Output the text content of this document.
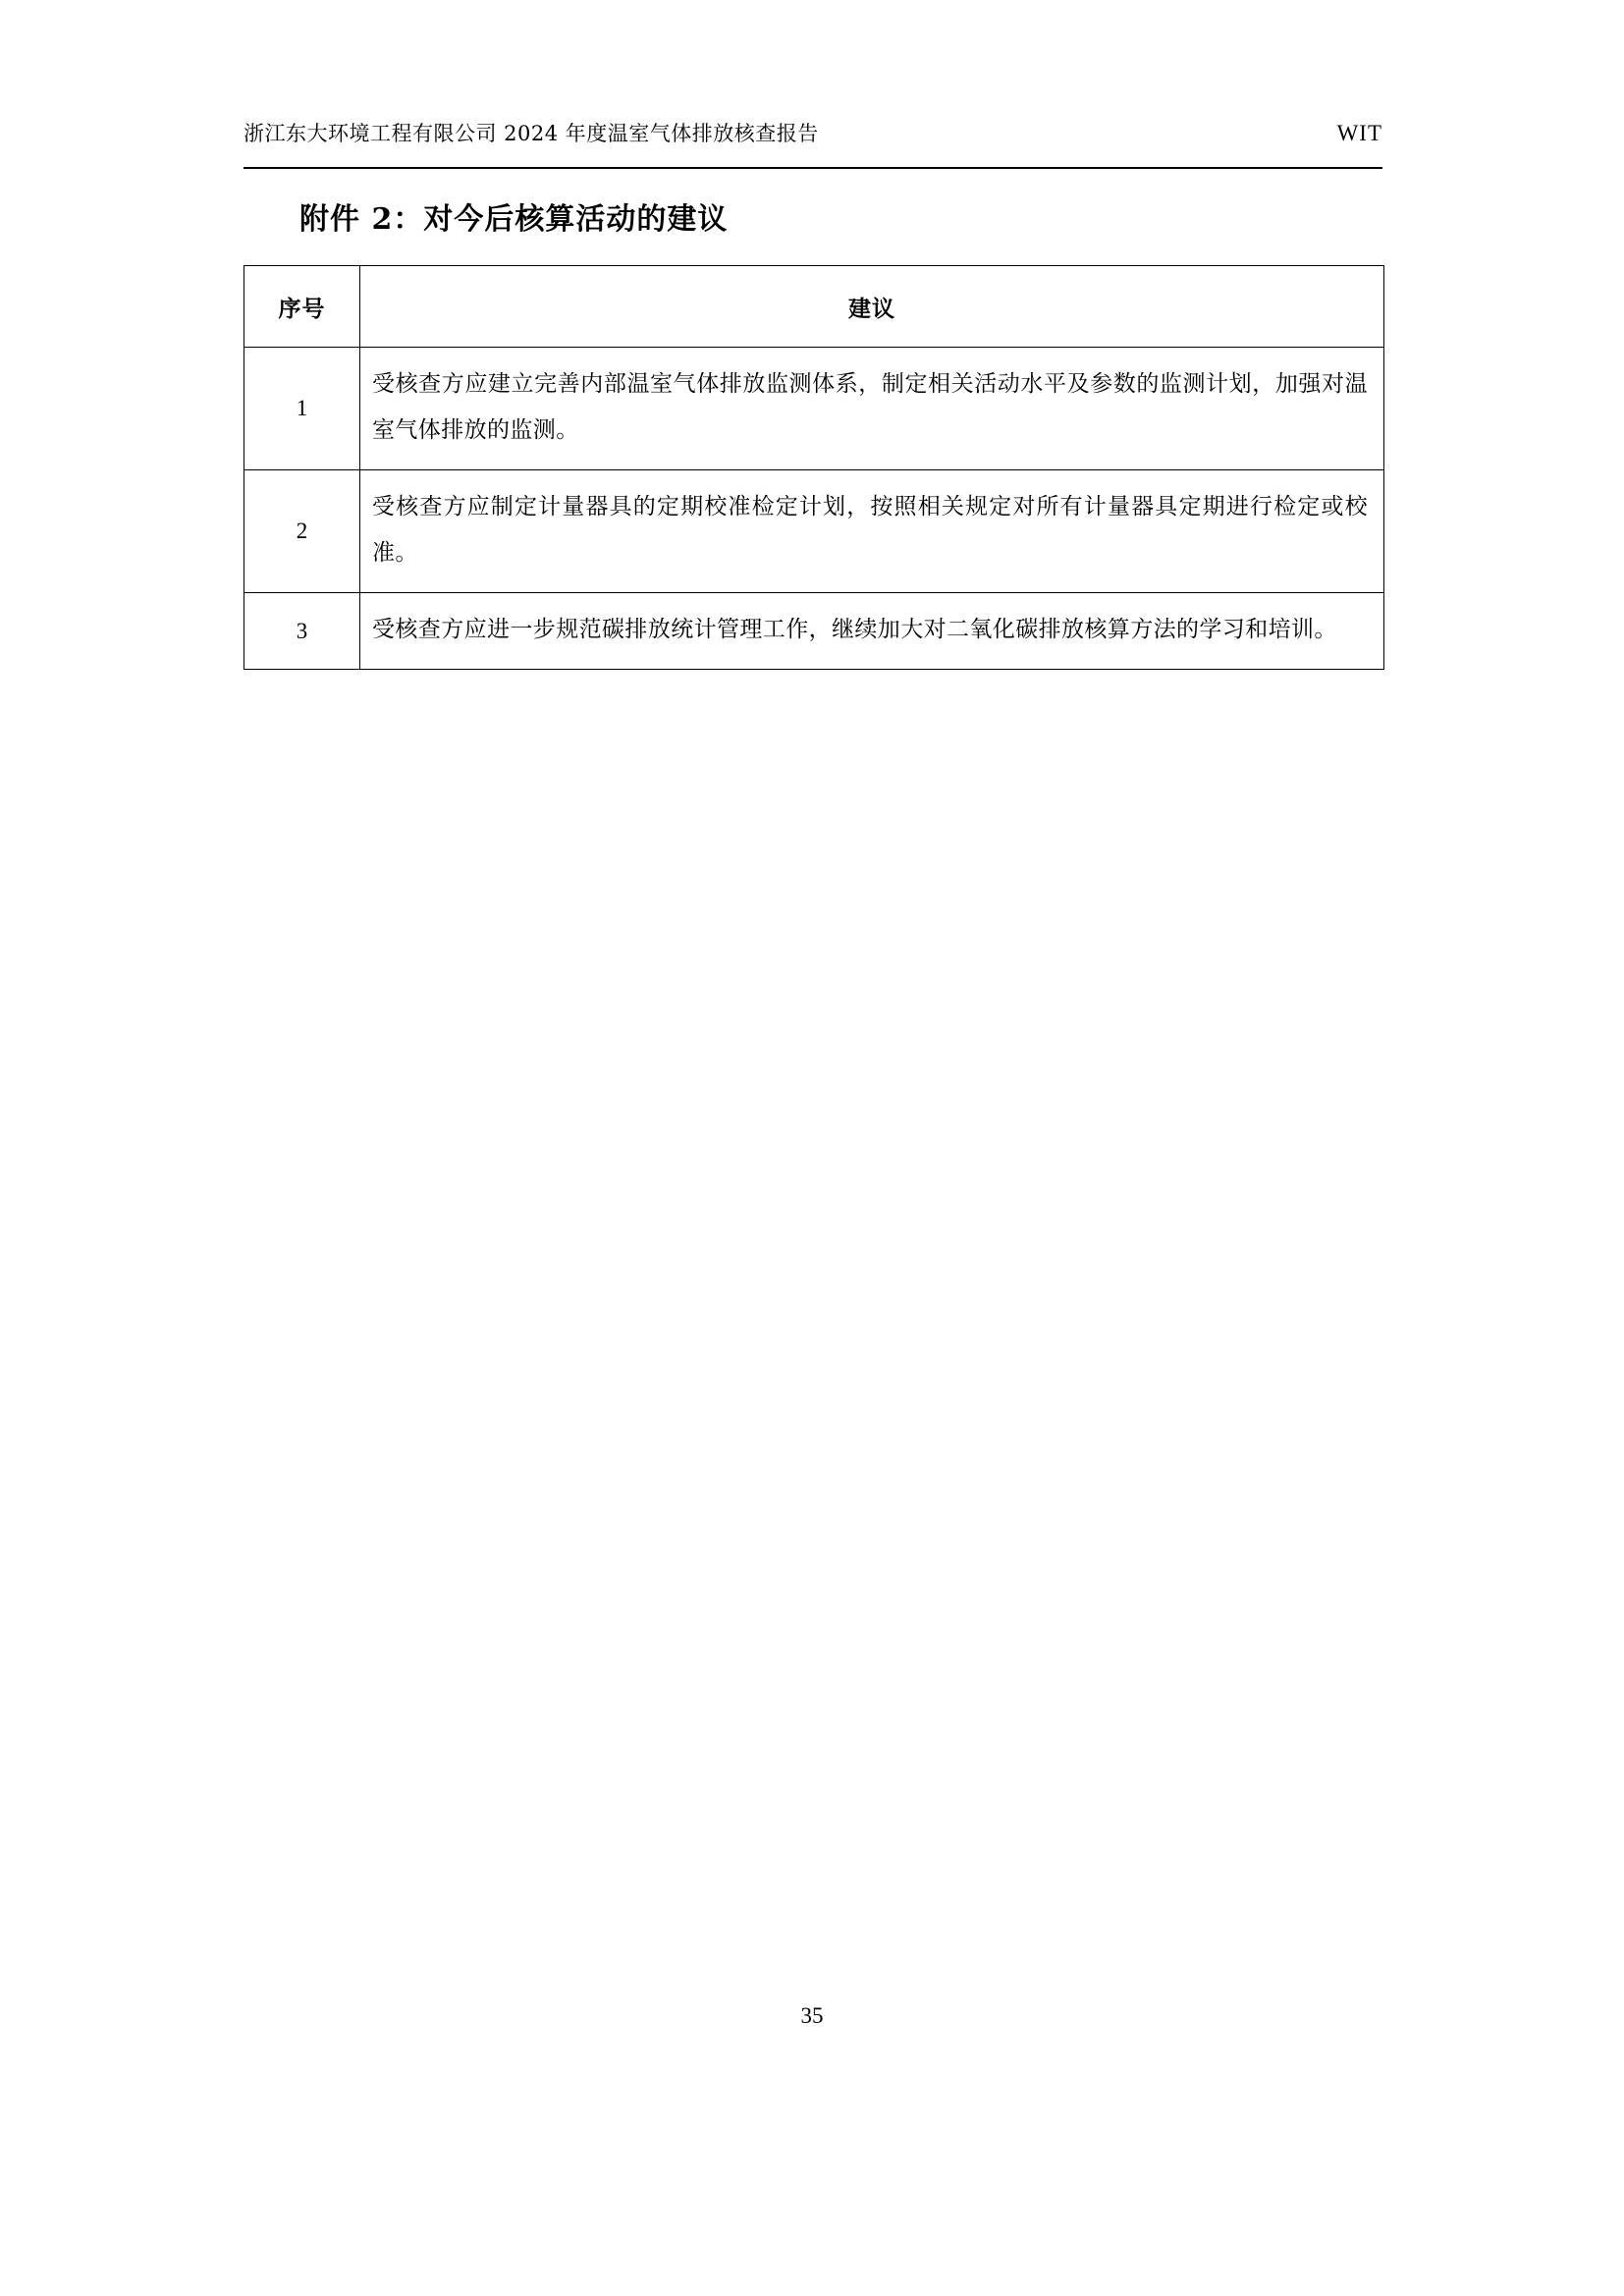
浙江东大环境工程有限公司 2024 年度温室气体排放核查报告	WIT
附件 2：对今后核算活动的建议
序号	建议
1	受核查方应建立完善内部温室气体排放监测体系，制定相关活动水平及参数的监测计划，加强对温室气体排放的监测。
2	受核查方应制定计量器具的定期校准检定计划，按照相关规定对所有计量器具定期进行检定或校准。
3	受核查方应进一步规范碳排放统计管理工作，继续加大对二氧化碳排放核算方法的学习和培训。
35
